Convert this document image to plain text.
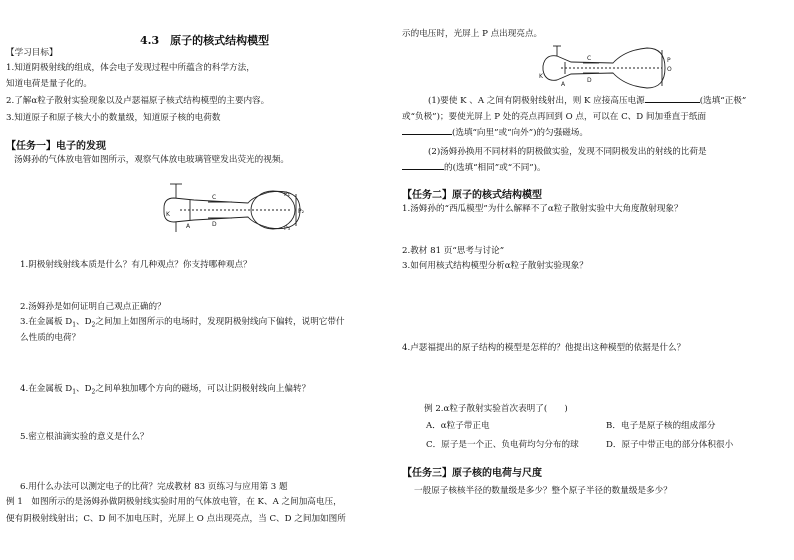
4.3　原子的核式结构模型
【学习目标】
1.知道阴极射线的组成，体会电子发现过程中所蕴含的科学方法，
知道电荷是量子化的。
2.了解α粒子散射实验现象以及卢瑟福原子核式结构模型的主要内容。
3.知道原子和原子核大小的数量级，知道原子核的电荷数
【任务一】电子的发现
汤姆孙的气体放电管如图所示，观察气体放电玻璃管壁发出荧光的视频。
K
A
C
D
P₁
P₂
P₃
1.阴极射线射线本质是什么？有几种观点？你支持哪种观点？
2.汤姆孙是如何证明自己观点正确的？
3.在金属板 $D_1$、$D_2$之间加上如图所示的电场时，发现阴极射线向下偏转，说明它带什
么性质的电荷？
4.在金属板 $D_1$、$D_2$之间单独加哪个方向的磁场，可以让阴极射线向上偏转？
5.密立根油滴实验的意义是什么？
6.用什么办法可以测定电子的比荷？完成教材 83 页练习与应用第 3 题
例 1　如图所示的是汤姆孙做阴极射线实验时用的气体放电管，在 K、A 之间加高电压，
便有阴极射线射出；C、D 间不加电压时，光屏上 O 点出现亮点，当 C、D 之间加如图所
示的电压时，光屏上 P 点出现亮点。
K
A
C
D
P
O
(1)要使 K 、A 之间有阴极射线射出，则 K 应接高压电源	(选填“正极”
或“负极”)；要使光屏上 P 处的亮点再回到 O 点，可以在 C、D 间加垂直于纸面
(选填“向里”或“向外”)的匀强磁场。
(2)汤姆孙换用不同材料的阴极做实验，发现不同阴极发出的射线的比荷是
的(选填“相同”或“不同”)。
【任务二】原子的核式结构模型
1.汤姆孙的“西瓜模型”为什么解释不了α粒子散射实验中大角度散射现象？
2.教材 81 页“思考与讨论”
3.如何用核式结构模型分析α粒子散射实验现象？
4.卢瑟福提出的原子结构的模型是怎样的？他提出这种模型的依据是什么？
例 2.α粒子散射实验首次表明了(　　)
A．α粒子带正电	B．电子是原子核的组成部分
C．原子是一个正、负电荷均匀分布的球	D．原子中带正电的部分体积很小
【任务三】原子核的电荷与尺度
一般原子核核半径的数量级是多少？整个原子半径的数量级是多少？
